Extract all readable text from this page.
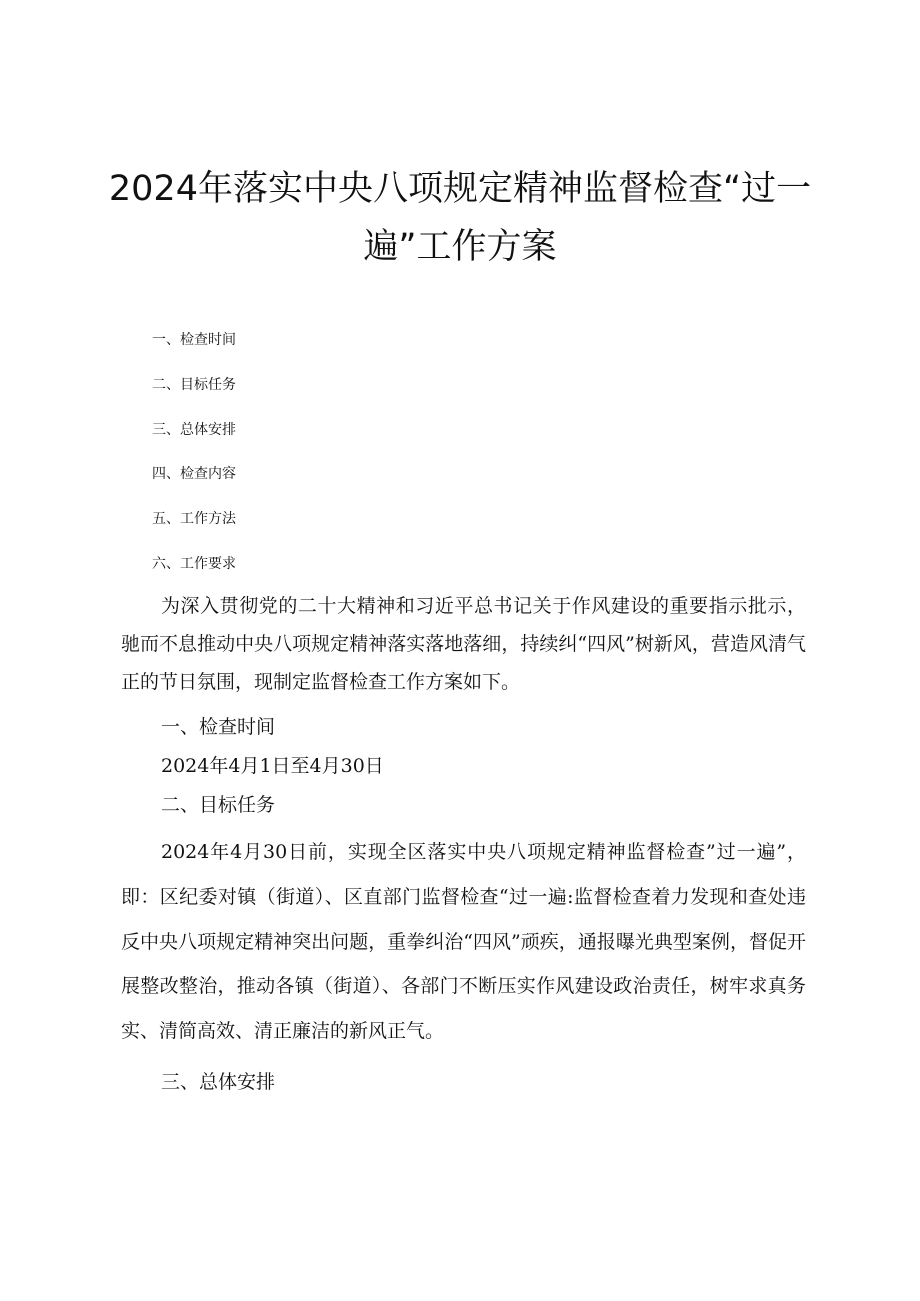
2024年落实中央八项规定精神监督检查“过一遍”工作方案
一、检查时间
二、目标任务
三、总体安排
四、检查内容
五、工作方法
六、工作要求

为深入贯彻党的二十大精神和习近平总书记关于作风建设的重要指示批示，驰而不息推动中央八项规定精神落实落地落细，持续纠“四风”树新风，营造风清气正的节日氛围，现制定监督检查工作方案如下。

一、检查时间

2024年4月1日至4月30日

二、目标任务

2024年4月30日前，实现全区落实中央八项规定精神监督检查”过一遍”，即：区纪委对镇（街道）、区直部门监督检查“过一遍:监督检查着力发现和查处违反中央八项规定精神突出问题，重拳纠治“四风”顽疾，通报曝光典型案例，督促开展整改整治，推动各镇（街道）、各部门不断压实作风建设政治责任，树牢求真务实、清简高效、清正廉洁的新风正气。

三、总体安排
